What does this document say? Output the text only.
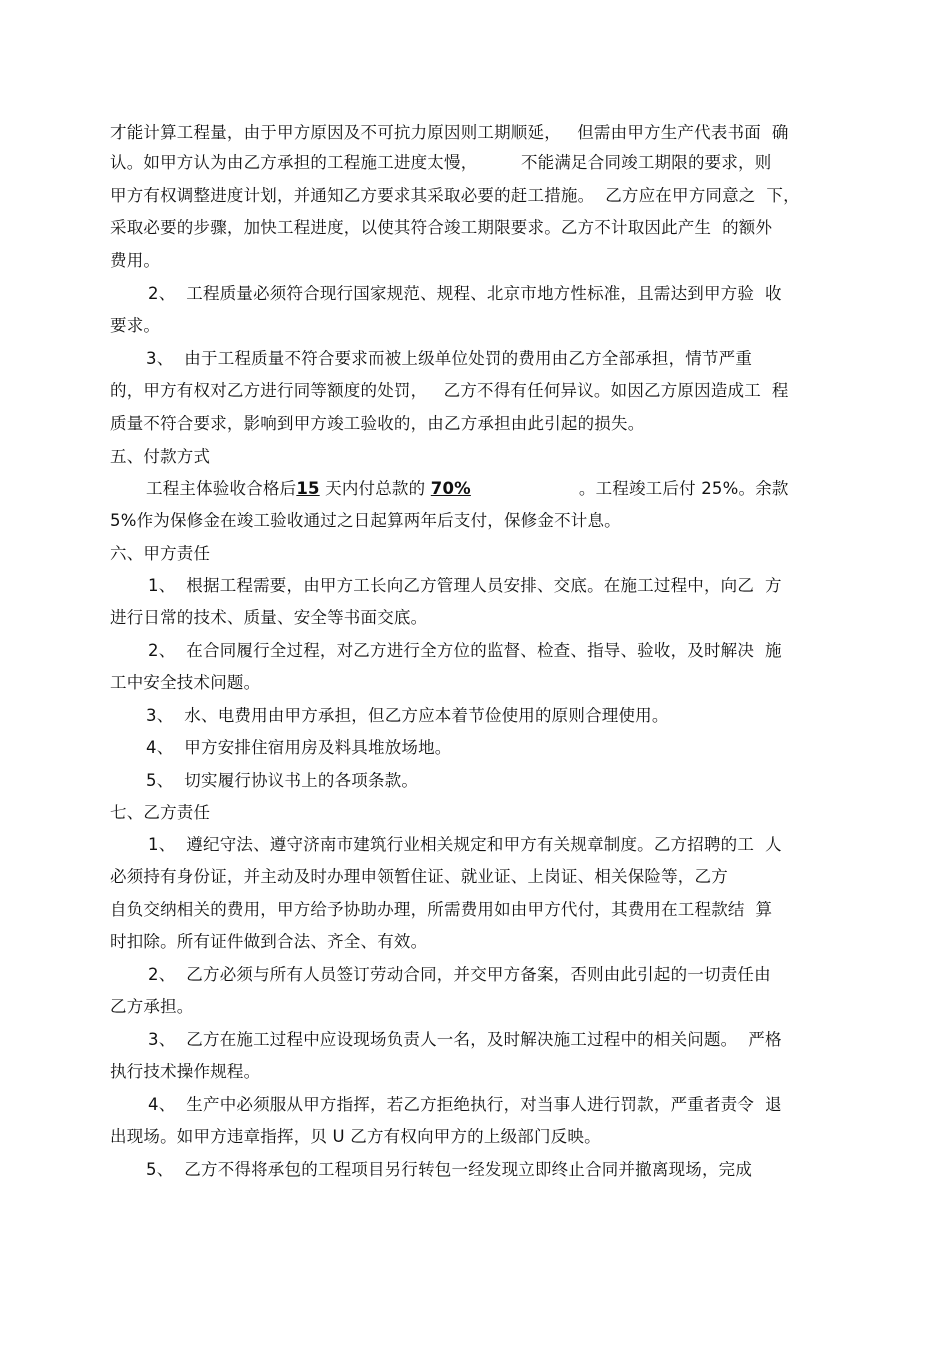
才能计算工程量，由于甲方原因及不可抗力原因则工期顺延，   但需由甲方生产代表书面  确
认。如甲方认为由乙方承担的工程施工进度太慢，        不能满足合同竣工期限的要求，则
甲方有权调整进度计划，并通知乙方要求其采取必要的赶工措施。  乙方应在甲方同意之  下，
采取必要的步骤，加快工程进度，以使其符合竣工期限要求。乙方不计取因此产生  的额外
费用。
2、  工程质量必须符合现行国家规范、规程、北京市地方性标准，且需达到甲方验  收
要求。
3、  由于工程质量不符合要求而被上级单位处罚的费用由乙方全部承担，情节严重
的，甲方有权对乙方进行同等额度的处罚，   乙方不得有任何异议。如因乙方原因造成工  程
质量不符合要求，影响到甲方竣工验收的，由乙方承担由此引起的损失。
五、付款方式
工程主体验收合格后15 天内付总款的 70%	。工程竣工后付 25%。余款
5%作为保修金在竣工验收通过之日起算两年后支付，保修金不计息。
六、甲方责任
1、  根据工程需要，由甲方工长向乙方管理人员安排、交底。在施工过程中，向乙  方
进行日常的技术、质量、安全等书面交底。
2、  在合同履行全过程，对乙方进行全方位的监督、检查、指导、验收，及时解决  施
工中安全技术问题。
3、  水、电费用由甲方承担，但乙方应本着节俭使用的原则合理使用。
4、  甲方安排住宿用房及料具堆放场地。
5、  切实履行协议书上的各项条款。
七、乙方责任
1、  遵纪守法、遵守济南市建筑行业相关规定和甲方有关规章制度。乙方招聘的工  人
必须持有身份证，并主动及时办理申领暂住证、就业证、上岗证、相关保险等，乙方
自负交纳相关的费用，甲方给予协助办理，所需费用如由甲方代付，其费用在工程款结  算
时扣除。所有证件做到合法、齐全、有效。
2、  乙方必须与所有人员签订劳动合同，并交甲方备案，否则由此引起的一切责任由
乙方承担。
3、  乙方在施工过程中应设现场负责人一名，及时解决施工过程中的相关问题。  严格
执行技术操作规程。
4、  生产中必须服从甲方指挥，若乙方拒绝执行，对当事人进行罚款，严重者责令  退
出现场。如甲方违章指挥，贝 U 乙方有权向甲方的上级部门反映。
5、  乙方不得将承包的工程项目另行转包一经发现立即终止合同并撤离现场，完成
